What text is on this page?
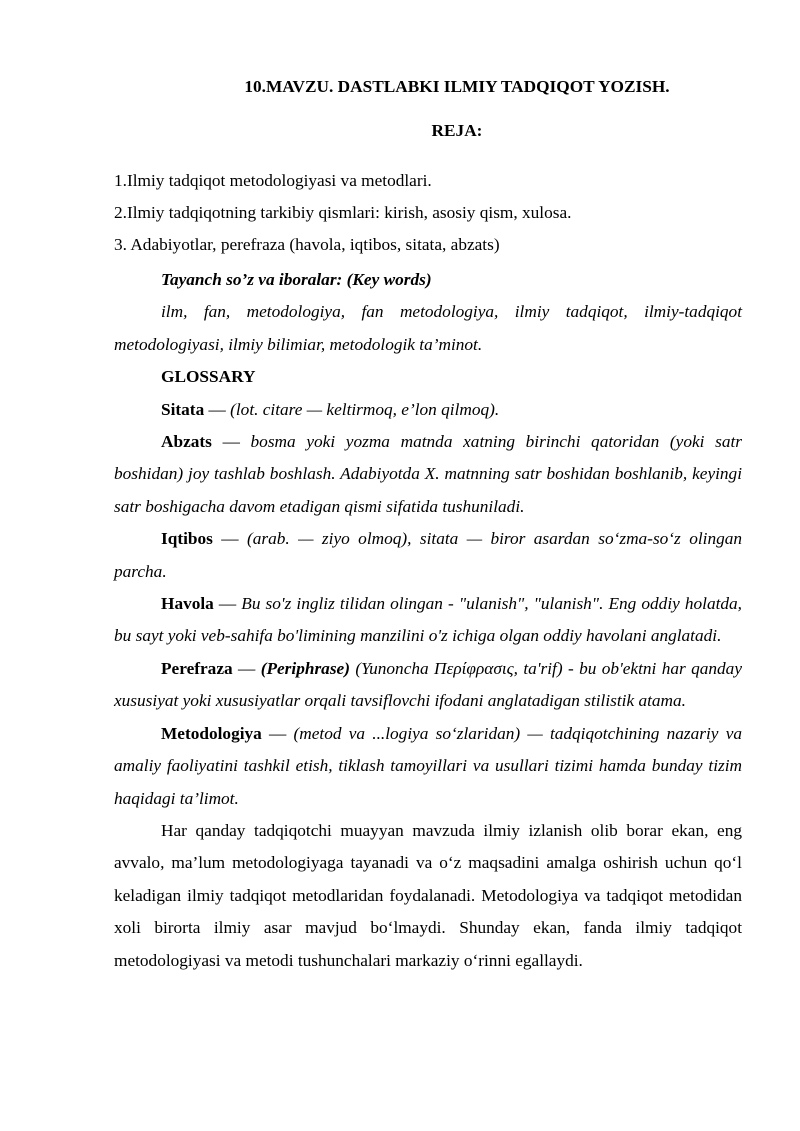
10.MAVZU. DASTLABKI ILMIY TADQIQOT YOZISH.
REJA:
1.Ilmiy tadqiqot metodologiyasi va metodlari.
2.Ilmiy tadqiqotning tarkibiy qismlari: kirish, asosiy qism, xulosa.
3. Adabiyotlar, perefraza (havola, iqtibos, sitata, abzats)

Tayanch so’z va iboralar: (Key words)

ilm, fan, metodologiya, fan metodologiya, ilmiy tadqiqot, ilmiy-tadqiqot metodologiyasi, ilmiy bilimiar, metodologik ta’minot.

GLOSSARY

Sitata — (lot. citare — keltirmoq, e’lon qilmoq).

Abzats — bosma yoki yozma matnda xatning birinchi qatoridan (yoki satr boshidan) joy tashlab boshlash. Adabiyotda X. matnning satr boshidan boshlanib, keyingi satr boshigacha davom etadigan qismi sifatida tushuniladi.

Iqtibos — (arab. — ziyo olmoq), sitata — biror asardan so‘zma-so‘z olingan parcha.

Havola — Bu so'z ingliz tilidan olingan - "ulanish", "ulanish". Eng oddiy holatda, bu sayt yoki veb-sahifa bo'limining manzilini o'z ichiga olgan oddiy havolani anglatadi.

Perefraza — (Periphrase) (Yunoncha Περίφρασις, ta'rif) - bu ob'ektni har qanday xususiyat yoki xususiyatlar orqali tavsiflovchi ifodani anglatadigan stilistik atama.

Metodologiya — (metod va ...logiya so‘zlaridan) — tadqiqotchining nazariy va amaliy faoliyatini tashkil etish, tiklash tamoyillari va usullari tizimi hamda bunday tizim haqidagi ta’limot.

Har qanday tadqiqotchi muayyan mavzuda ilmiy izlanish olib borar ekan, eng avvalo, ma’lum metodologiyaga tayanadi va o‘z maqsadini amalga oshirish uchun qo‘l keladigan ilmiy tadqiqot metodlaridan foydalanadi. Metodologiya va tadqiqot metodidan xoli birorta ilmiy asar mavjud bo‘lmaydi. Shunday ekan, fanda ilmiy tadqiqot metodologiyasi va metodi tushunchalari markaziy o‘rinni egallaydi.
